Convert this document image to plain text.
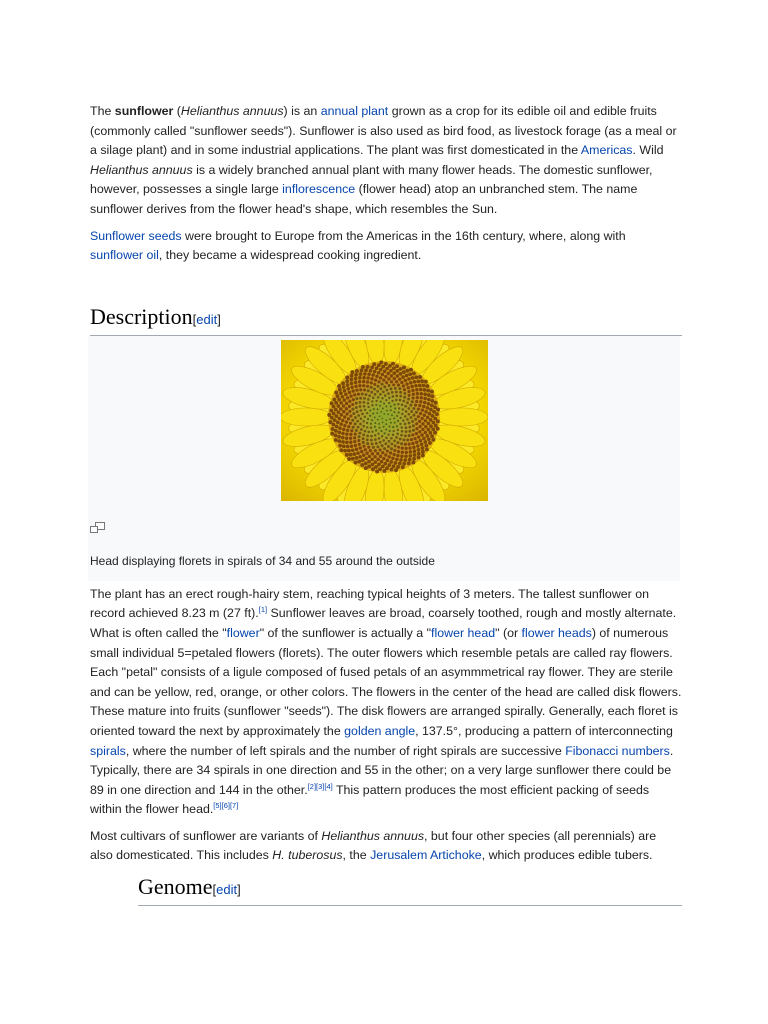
The sunflower (Helianthus annuus) is an annual plant grown as a crop for its edible oil and edible fruits (commonly called "sunflower seeds"). Sunflower is also used as bird food, as livestock forage (as a meal or a silage plant) and in some industrial applications. The plant was first domesticated in the Americas. Wild Helianthus annuus is a widely branched annual plant with many flower heads. The domestic sunflower, however, possesses a single large inflorescence (flower head) atop an unbranched stem. The name sunflower derives from the flower head's shape, which resembles the Sun.

Sunflower seeds were brought to Europe from the Americas in the 16th century, where, along with sunflower oil, they became a widespread cooking ingredient.

Description[edit]
Head displaying florets in spirals of 34 and 55 around the outside

The plant has an erect rough-hairy stem, reaching typical heights of 3 meters. The tallest sunflower on record achieved 8.23 m (27 ft).[1] Sunflower leaves are broad, coarsely toothed, rough and mostly alternate. What is often called the "flower" of the sunflower is actually a "flower head" (or flower heads) of numerous small individual 5=petaled flowers (florets). The outer flowers which resemble petals are called ray flowers. Each "petal" consists of a ligule composed of fused petals of an asymmmetrical ray flower. They are sterile and can be yellow, red, orange, or other colors. The flowers in the center of the head are called disk flowers. These mature into fruits (sunflower "seeds"). The disk flowers are arranged spirally. Generally, each floret is oriented toward the next by approximately the golden angle, 137.5°, producing a pattern of interconnecting spirals, where the number of left spirals and the number of right spirals are successive Fibonacci numbers. Typically, there are 34 spirals in one direction and 55 in the other; on a very large sunflower there could be 89 in one direction and 144 in the other.[2][3][4] This pattern produces the most efficient packing of seeds within the flower head.[5][6][7]

Most cultivars of sunflower are variants of Helianthus annuus, but four other species (all perennials) are also domesticated. This includes H. tuberosus, the Jerusalem Artichoke, which produces edible tubers.

Genome[edit]
